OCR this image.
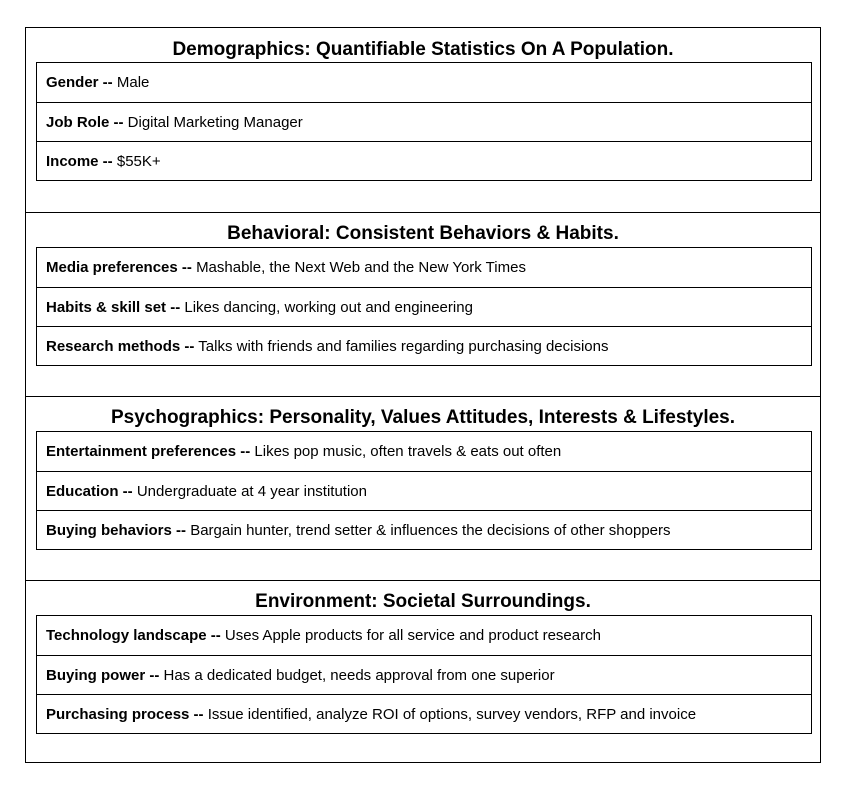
Demographics: Quantifiable Statistics On A Population.
Gender -- Male
Job Role -- Digital Marketing Manager
Income -- $55K+
Behavioral: Consistent Behaviors & Habits.
Media preferences -- Mashable, the Next Web and the New York Times
Habits & skill set -- Likes dancing, working out and engineering
Research methods -- Talks with friends and families regarding purchasing decisions
Psychographics: Personality, Values Attitudes, Interests & Lifestyles.
Entertainment preferences -- Likes pop music, often travels & eats out often
Education -- Undergraduate at 4 year institution
Buying behaviors -- Bargain hunter, trend setter & influences the decisions of other shoppers
Environment: Societal Surroundings.
Technology landscape -- Uses Apple products for all service and product research
Buying power -- Has a dedicated budget, needs approval from one superior
Purchasing process -- Issue identified, analyze ROI of options, survey vendors, RFP and invoice
